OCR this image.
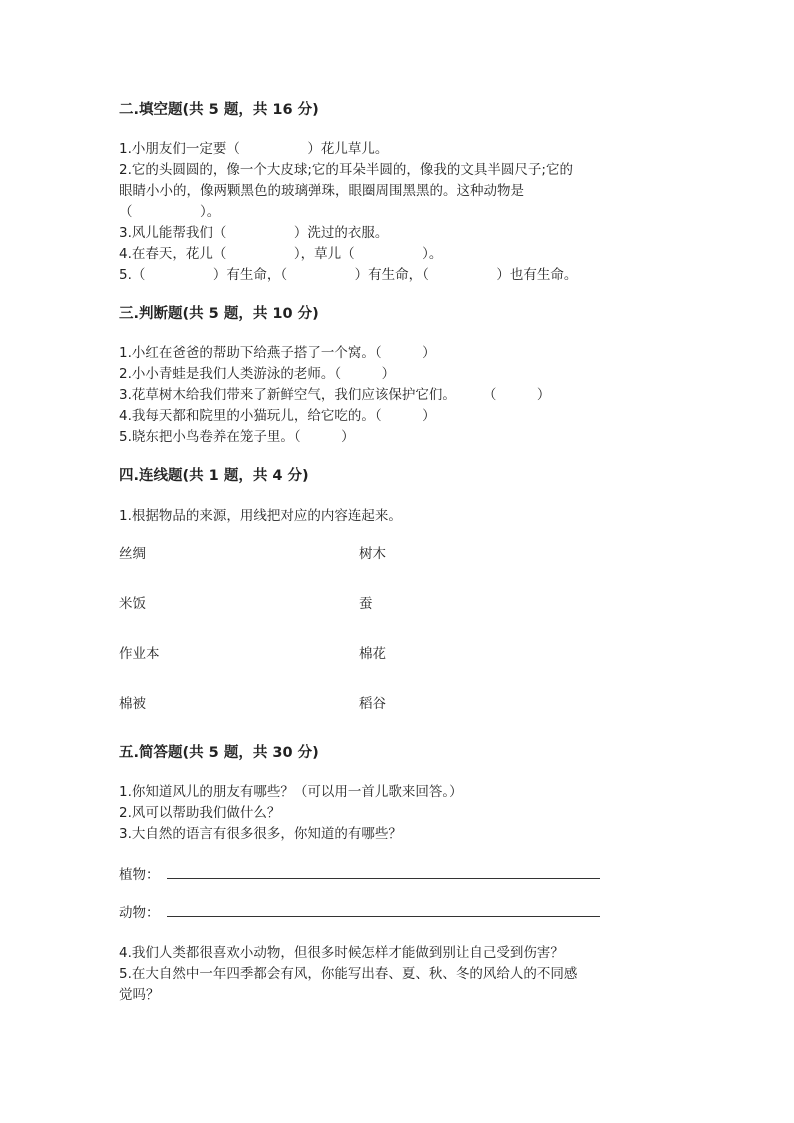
二.填空题(共 5 题，共 16 分)
1.小朋友们一定要（　　　　　）花儿草儿。
2.它的头圆圆的，像一个大皮球;它的耳朵半圆的，像我的文具半圆尺子;它的
眼睛小小的，像两颗黑色的玻璃弹珠，眼圈周围黑黑的。这种动物是
（　　　　　）。
3.风儿能帮我们（　　　　　）洗过的衣服。
4.在春天，花儿（　　　　　），草儿（　　　　　）。
5.（　　　　　）有生命，（　　　　　）有生命，（　　　　　）也有生命。
三.判断题(共 5 题，共 10 分)
1.小红在爸爸的帮助下给燕子搭了一个窝。（　　　）
2.小小青蛙是我们人类游泳的老师。（　　　）
3.花草树木给我们带来了新鲜空气，我们应该保护它们。　　　（　　　）
4.我每天都和院里的小猫玩儿，给它吃的。（　　　）
5.晓东把小鸟卷养在笼子里。（　　　）
四.连线题(共 1 题，共 4 分)
1.根据物品的来源，用线把对应的内容连起来。
丝绸	树木
米饭	蚕
作业本	棉花
棉被	稻谷
五.简答题(共 5 题，共 30 分)
1.你知道风儿的朋友有哪些？（可以用一首儿歌来回答。）
2.风可以帮助我们做什么？
3.大自然的语言有很多很多，你知道的有哪些？
植物：
动物：
4.我们人类都很喜欢小动物，但很多时候怎样才能做到别让自己受到伤害？
5.在大自然中一年四季都会有风，你能写出春、夏、秋、冬的风给人的不同感
觉吗？
